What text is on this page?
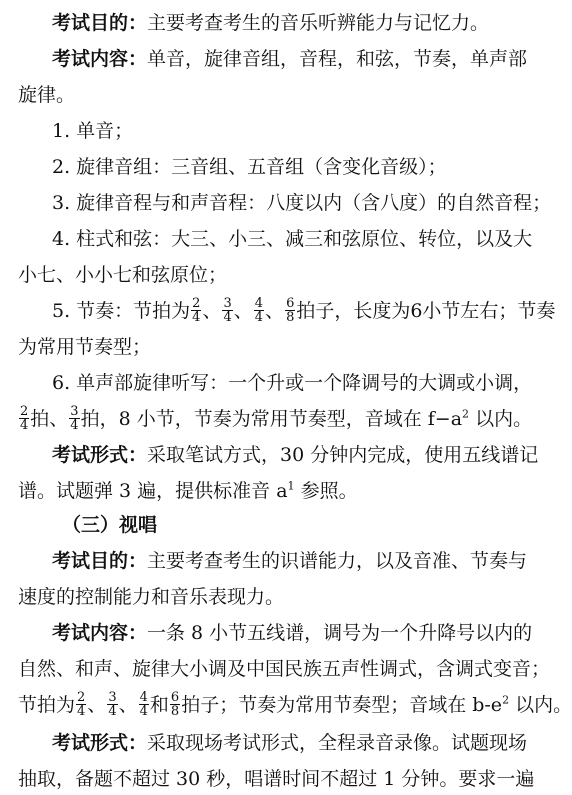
考试目的：主要考查考生的音乐听辨能力与记忆力。
考试内容：单音，旋律音组，音程，和弦，节奏，单声部
旋律。
1. 单音；
2. 旋律音组：三音组、五音组（含变化音级）；
3. 旋律音程与和声音程：八度以内（含八度）的自然音程；
4. 柱式和弦：大三、小三、减三和弦原位、转位，以及大
小七、小小七和弦原位；
5. 节奏：节拍为 $\frac{2}{4}$ 、 $\frac{3}{4}$ 、 $\frac{4}{4}$ 、 $\frac{6}{8}$ 拍子，长度为6小节左右；节奏
为常用节奏型；
6. 单声部旋律听写：一个升或一个降调号的大调或小调，
$\frac{2}{4}$ 拍、 $\frac{3}{4}$ 拍，8 小节，节奏为常用节奏型，音域在 $f-a^2$ 以内。
考试形式：采取笔试方式，30 分钟内完成，使用五线谱记
谱。试题弹 3 遍，提供标准音 $a^1$ 参照。
（三）视唱
考试目的：主要考查考生的识谱能力，以及音准、节奏与
速度的控制能力和音乐表现力。
考试内容：一条 8 小节五线谱，调号为一个升降号以内的
自然、和声、旋律大小调及中国民族五声性调式，含调式变音；
节拍为 $\frac{2}{4}$ 、 $\frac{3}{4}$ 、 $\frac{4}{4}$ 和 $\frac{6}{8}$ 拍子；节奏为常用节奏型；音域在 $b-e^2$ 以内。
考试形式：采取现场考试形式，全程录音录像。试题现场
抽取，备题不超过 30 秒，唱谱时间不超过 1 分钟。要求一遍
